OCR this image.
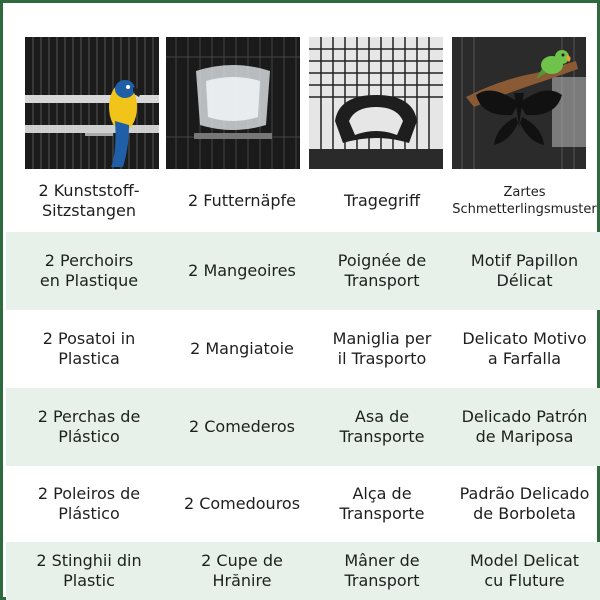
2 Kunststoff-
Sitzstangen
2 Futternäpfe	Tragegriff	Zartes
Schmetterlingsmuster
2 Perchoirs
en Plastique
2 Mangeoires
Poignée de
Transport
Motif Papillon
Délicat
2 Posatoi in
Plastica
2 Mangiatoie
Maniglia per
il Trasporto
Delicato Motivo
a Farfalla
2 Perchas de
Plástico
2 Comederos
Asa de
Transporte
Delicado Patrón
de Mariposa
2 Poleiros de
Plástico
2 Comedouros
Alça de
Transporte
Padrão Delicado
de Borboleta
2 Stinghii din
Plastic
2 Cupe de
Hrănire
Mâner de
Transport
Model Delicat
cu Fluture
